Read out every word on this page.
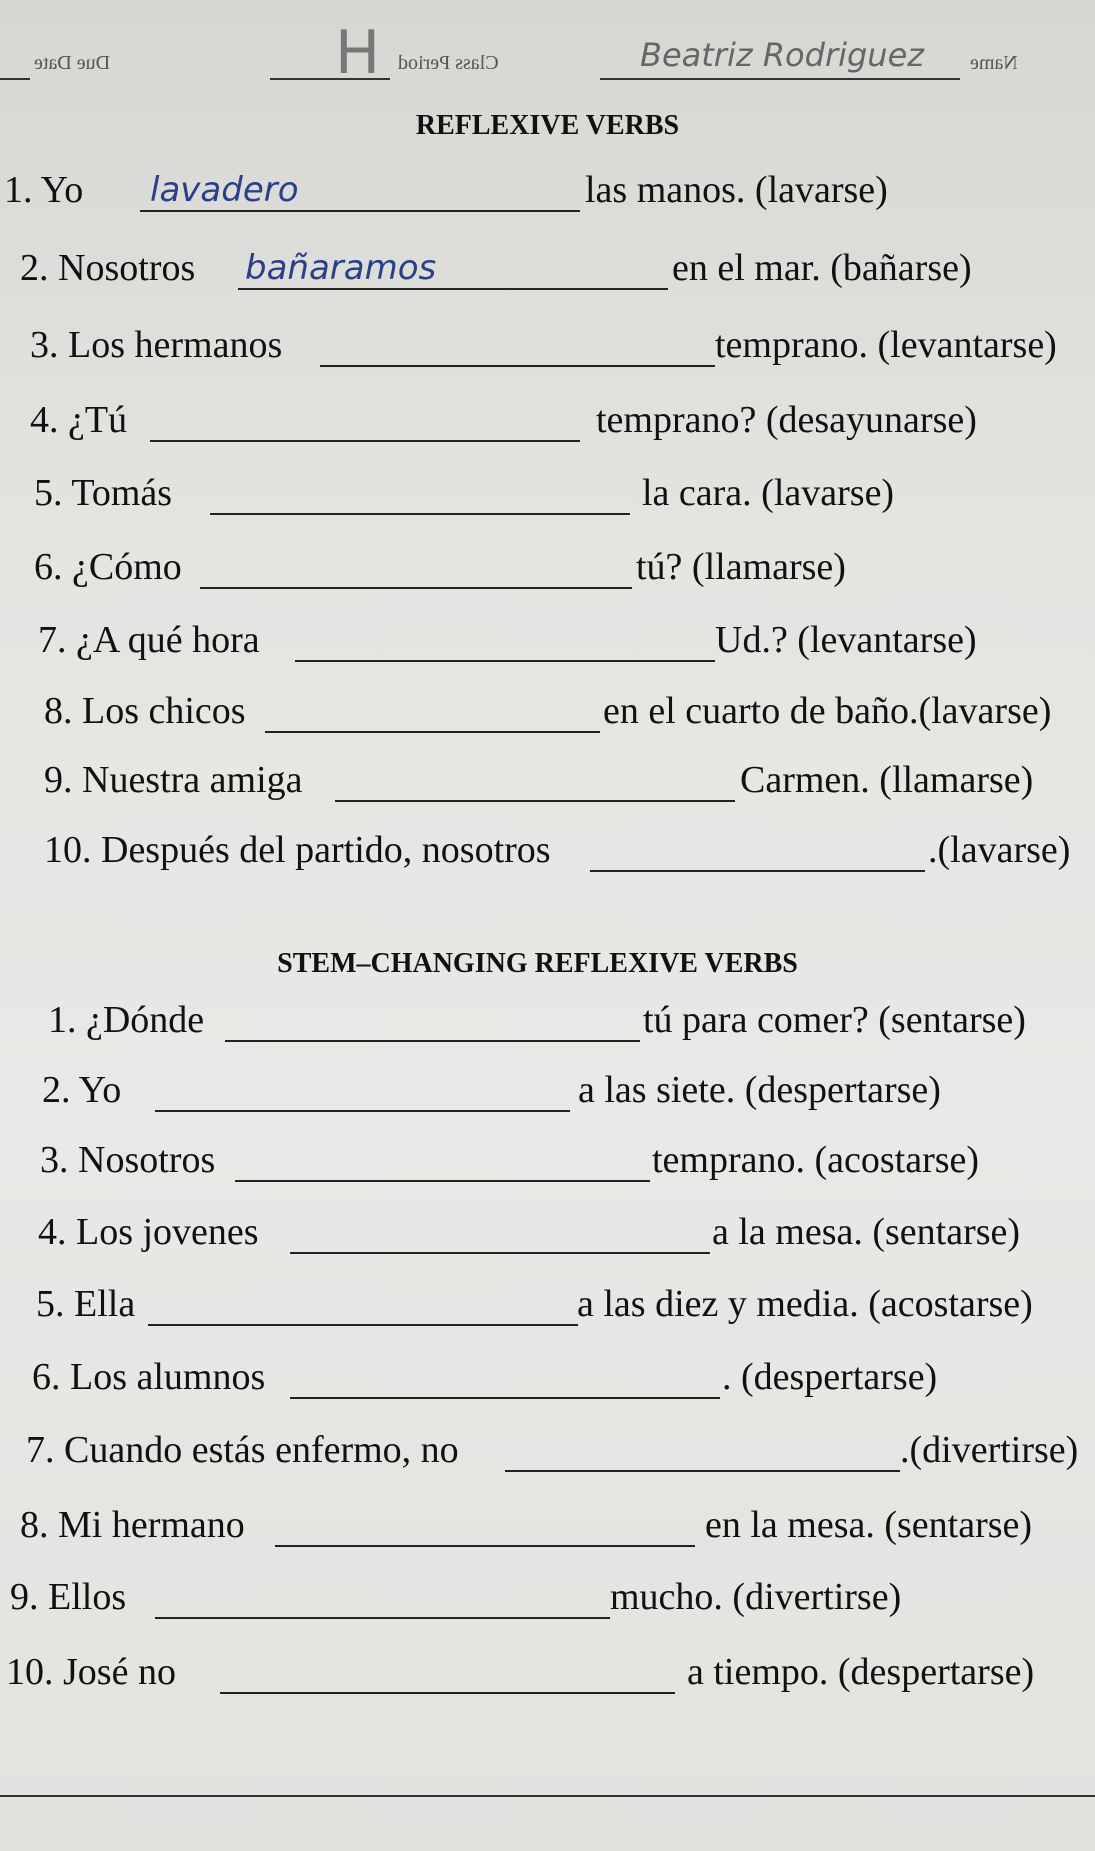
Due Date	H Class Period	Beatriz Rodriguez Name
REFLEXIVE VERBS
1. Yo lavadero	las manos. (lavarse)
2. Nosotros bañaramos	en el mar. (bañarse)
3. Los hermanos	temprano. (levantarse)
4. ¿Tú	temprano? (desayunarse)
5. Tomás	la cara. (lavarse)
6. ¿Cómo	tú? (llamarse)
7. ¿A qué hora	Ud.? (levantarse)
8. Los chicos	en el cuarto de baño.(lavarse)
9. Nuestra amiga	Carmen. (llamarse)
10. Después del partido, nosotros	.(lavarse)
STEM–CHANGING REFLEXIVE VERBS
1. ¿Dónde	tú para comer? (sentarse)
2. Yo	a las siete. (despertarse)
3. Nosotros	temprano. (acostarse)
4. Los jovenes	a la mesa. (sentarse)
5. Ella	a las diez y media. (acostarse)
6. Los alumnos	. (despertarse)
7. Cuando estás enfermo, no	.(divertirse)
8. Mi hermano	en la mesa. (sentarse)
9. Ellos	mucho. (divertirse)
10. José no	a tiempo. (despertarse)
